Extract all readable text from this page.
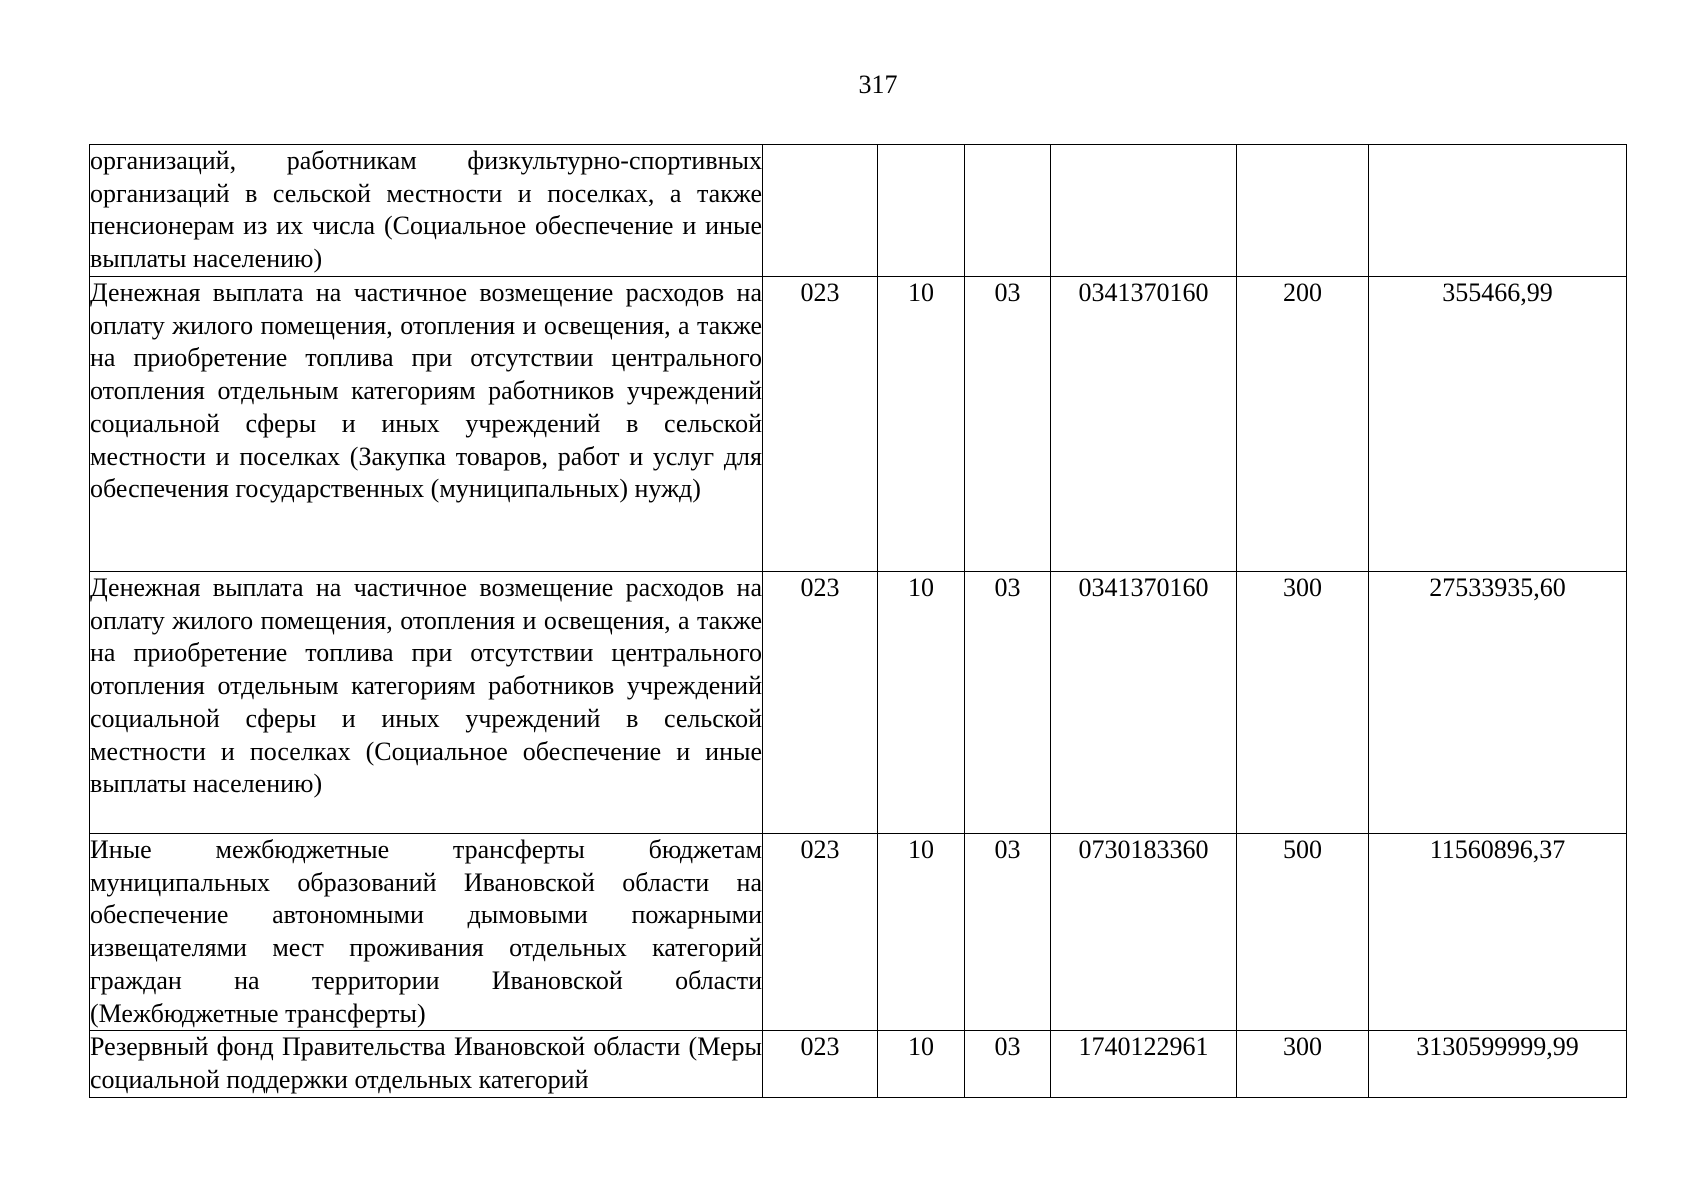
317
организаций, работникам физкультурно-спортивных организаций в сельской местности и поселках, а также пенсионерам из их числа (Социальное обеспечение и иные выплаты населению)						
Денежная выплата на частичное возмещение расходов на оплату жилого помещения, отопления и освещения, а также на приобретение топлива при отсутствии центрального отопления отдельным категориям работников учреждений социальной сферы и иных учреждений в сельской местности и поселках (Закупка товаров, работ и услуг для обеспечения государственных (муниципальных) нужд)	023	10	03	0341370160	200	355466,99
Денежная выплата на частичное возмещение расходов на оплату жилого помещения, отопления и освещения, а также на приобретение топлива при отсутствии центрального отопления отдельным категориям работников учреждений социальной сферы и иных учреждений в сельской местности и поселках (Социальное обеспечение и иные выплаты населению)	023	10	03	0341370160	300	27533935,60
Иные межбюджетные трансферты бюджетам муниципальных образований Ивановской области на обеспечение автономными дымовыми пожарными извещателями мест проживания отдельных категорий граждан на территории Ивановской области (Межбюджетные трансферты)	023	10	03	0730183360	500	11560896,37
Резервный фонд Правительства Ивановской области (Меры социальной поддержки отдельных категорий	023	10	03	1740122961	300	3130599999,99
